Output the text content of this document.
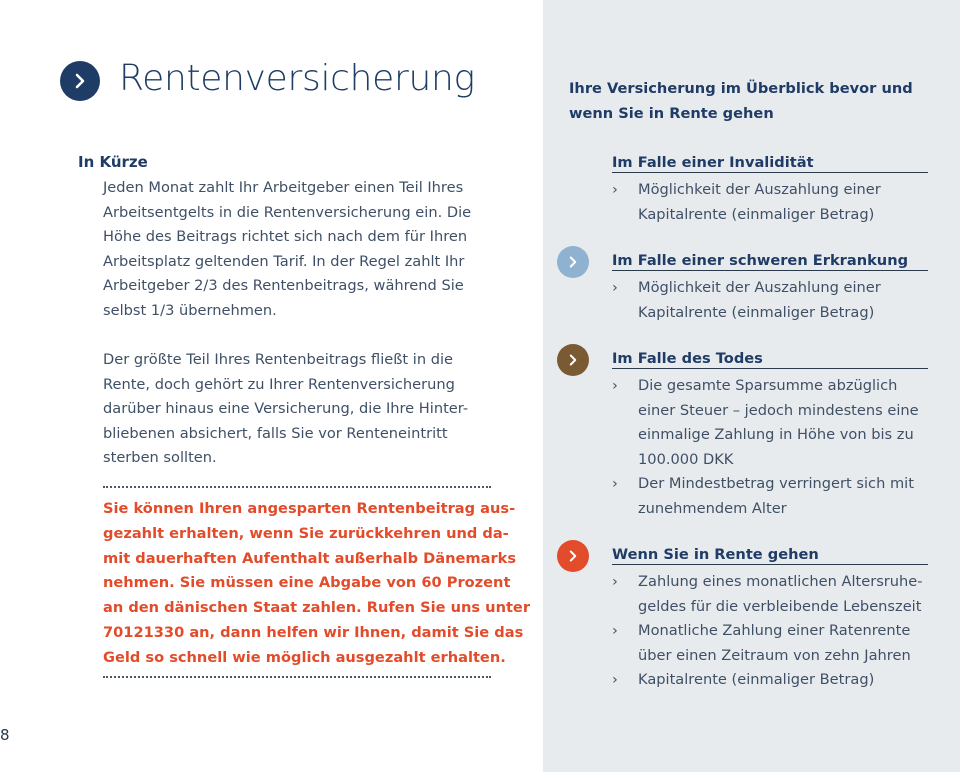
Rentenversicherung
In Kürze
Jeden Monat zahlt Ihr Arbeitgeber einen Teil Ihres
Arbeitsentgelts in die Rentenversicherung ein. Die
Höhe des Beitrags richtet sich nach dem für Ihren
Arbeitsplatz geltenden Tarif. In der Regel zahlt Ihr
Arbeitgeber 2/3 des Rentenbeitrags, während Sie
selbst 1/3 übernehmen.
Der größte Teil Ihres Rentenbeitrags fließt in die
Rente, doch gehört zu Ihrer Rentenversicherung
darüber hinaus eine Versicherung, die Ihre Hinter-
bliebenen absichert, falls Sie vor Renteneintritt
sterben sollten.
Sie können Ihren angesparten Rentenbeitrag aus-
gezahlt erhalten, wenn Sie zurückkehren und da-
mit dauerhaften Aufenthalt außerhalb Dänemarks
nehmen. Sie müssen eine Abgabe von 60 Prozent
an den dänischen Staat zahlen. Rufen Sie uns unter
70121330 an, dann helfen wir Ihnen, damit Sie das
Geld so schnell wie möglich ausgezahlt erhalten.
8
Ihre Versicherung im Überblick bevor und
wenn Sie in Rente gehen
Im Falle einer Invalidität
› Möglichkeit der Auszahlung einer
Kapitalrente (einmaliger Betrag)
Im Falle einer schweren Erkrankung
› Möglichkeit der Auszahlung einer
Kapitalrente (einmaliger Betrag)
Im Falle des Todes
› Die gesamte Sparsumme abzüglich
einer Steuer – jedoch mindestens eine
einmalige Zahlung in Höhe von bis zu
100.000 DKK
› Der Mindestbetrag verringert sich mit
zunehmendem Alter
Wenn Sie in Rente gehen
› Zahlung eines monatlichen Altersruhe-
geldes für die verbleibende Lebenszeit
› Monatliche Zahlung einer Ratenrente
über einen Zeitraum von zehn Jahren
› Kapitalrente (einmaliger Betrag)
